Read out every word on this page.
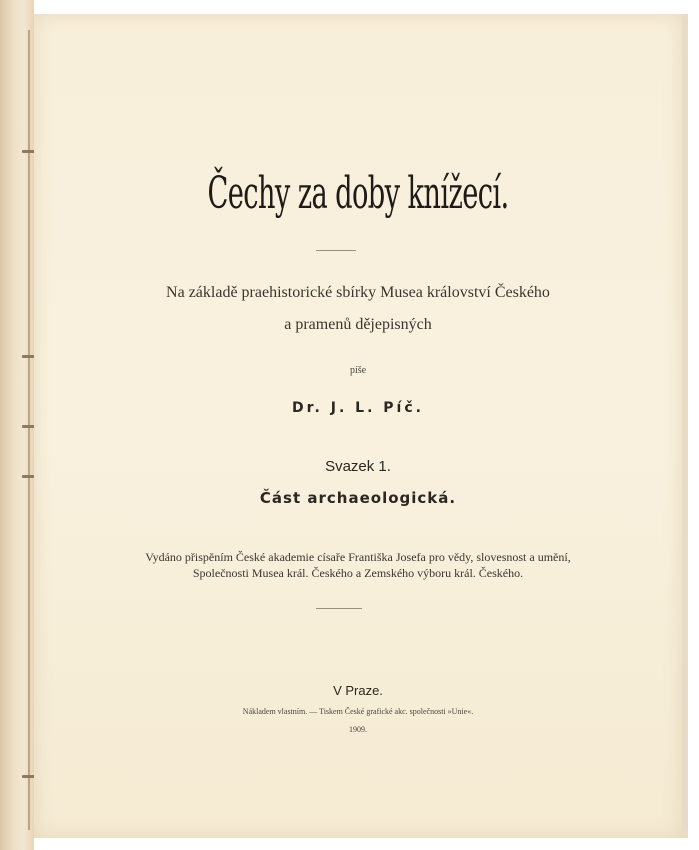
Čechy za doby knížecí.
Na základě praehistorické sbírky Musea království Českého
a pramenů dějepisných
píše
Dr. J. L. Píč.
Svazek 1.
Část archaeologická.
Vydáno přispěním České akademie císaře Františka Josefa pro vědy, slovesnost a umění,
Společnosti Musea král. Českého a Zemského výboru král. Českého.
V Praze.
Nákladem vlastním. — Tiskem České grafické akc. společnosti »Unie«.
1909.
